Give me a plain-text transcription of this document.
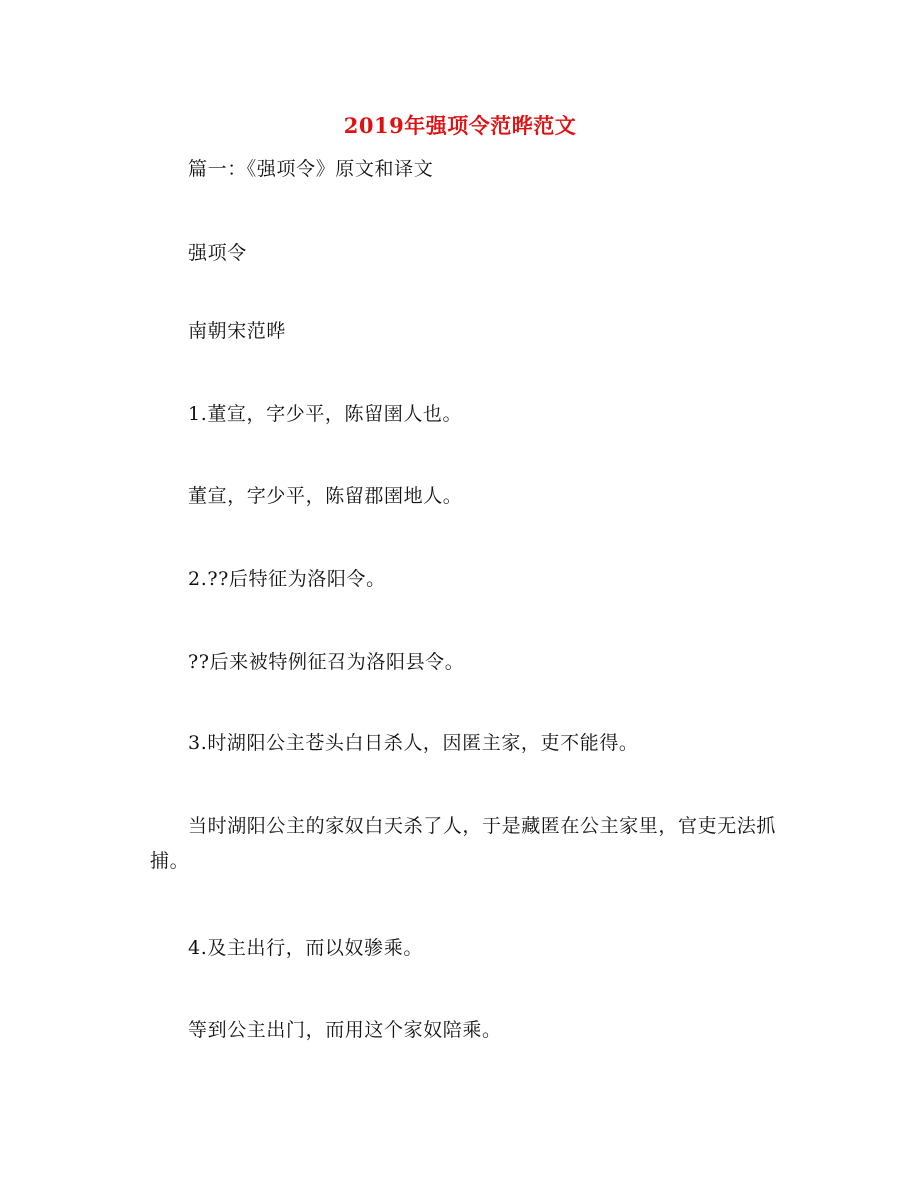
2019年强项令范晔范文
篇一：《强项令》原文和译文
强项令
南朝宋范晔
1.董宣，字少平，陈留圉人也。
董宣，字少平，陈留郡圉地人。
2.??后特征为洛阳令。
??后来被特例征召为洛阳县令。
3.时湖阳公主苍头白日杀人，因匿主家，吏不能得。
当时湖阳公主的家奴白天杀了人，于是藏匿在公主家里，官吏无法抓捕。
4.及主出行，而以奴骖乘。
等到公主出门，而用这个家奴陪乘。
